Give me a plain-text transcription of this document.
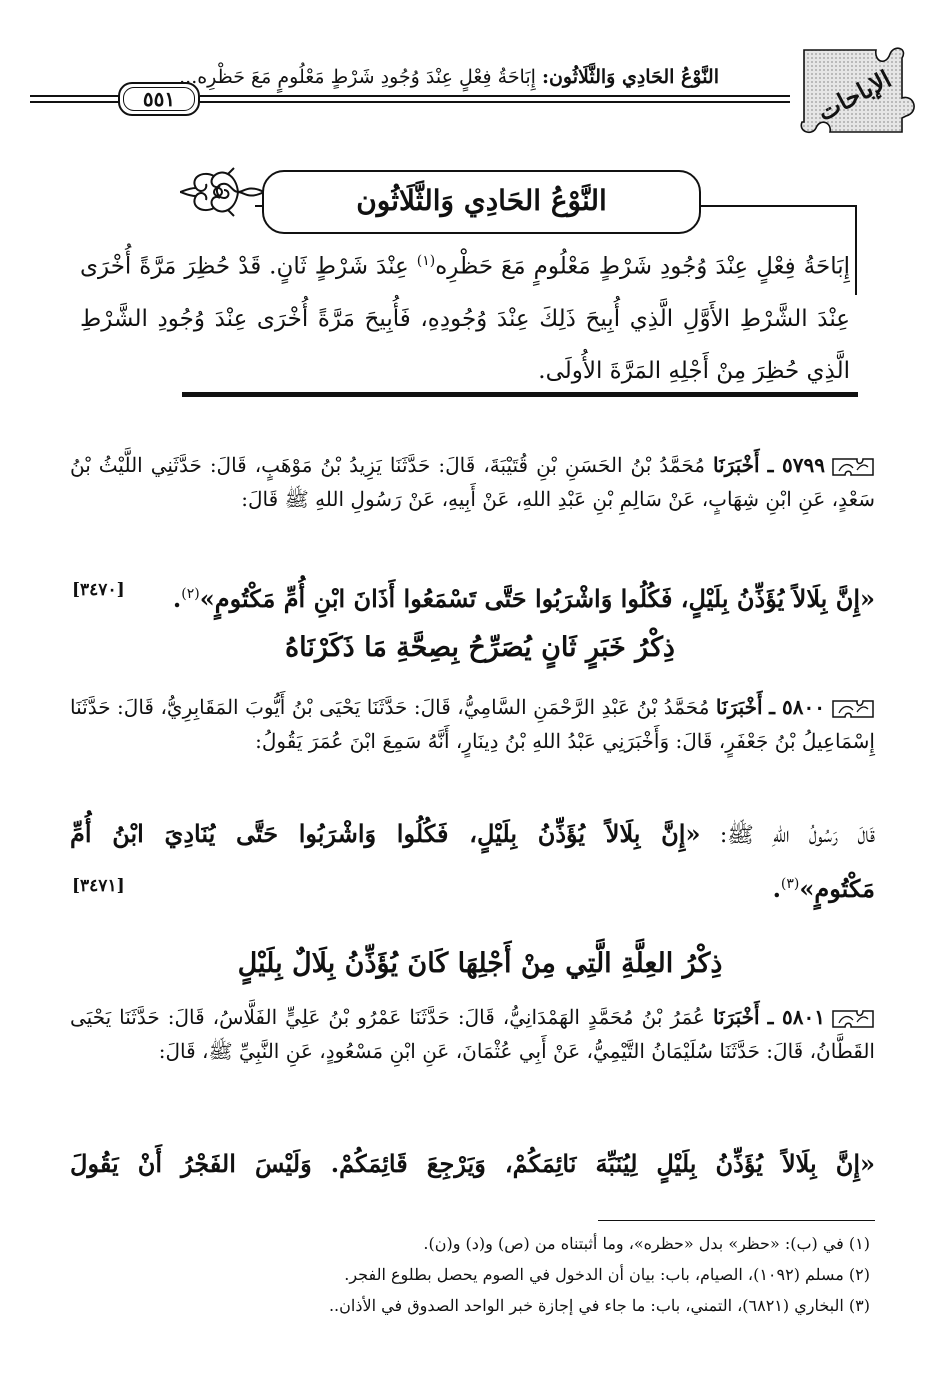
٥٥١
النَّوْعُ الحَادِي وَالثَّلَاثُون: إِبَاحَةُ فِعْلٍ عِنْدَ وُجُودِ شَرْطٍ مَعْلُومٍ مَعَ حَظْرِه...	الإباحات
النَّوْعُ الحَادِي وَالثَّلَاثُون
إِبَاحَةُ فِعْلٍ عِنْدَ وُجُودِ شَرْطٍ مَعْلُومٍ مَعَ حَظْرِه$^{(١)}$ عِنْدَ شَرْطٍ ثَانٍ. قَدْ حُظِرَ مَرَّةً أُخْرَى عِنْدَ الشَّرْطِ الأَوَّلِ الَّذِي أُبِيحَ ذَلِكَ عِنْدَ وُجُودِهِ، فَأُبِيحَ مَرَّةً أُخْرَى عِنْدَ وُجُودِ الشَّرْطِ الَّذِي حُظِرَ مِنْ أَجْلِهِ المَرَّةَ الأُولَى.
٥٧٩٩ ـ أَخْبَرَنَا مُحَمَّدُ بْنُ الحَسَنِ بْنِ قُتَيْبَةَ، قَالَ: حَدَّثَنَا يَزِيدُ بْنُ مَوْهَبٍ، قَالَ: حَدَّثَنِي اللَّيْثُ بْنُ سَعْدٍ، عَنِ ابْنِ شِهَابٍ، عَنْ سَالِمِ بْنِ عَبْدِ اللهِ، عَنْ أَبِيهِ، عَنْ رَسُولِ اللهِ ﷺ قَالَ:
«إِنَّ بِلَالاً يُؤَذِّنُ بِلَيْلٍ، فَكُلُوا وَاشْرَبُوا حَتَّى تَسْمَعُوا أَذَانَ ابْنِ أُمِّ مَكْتُومٍ»$^{(٢)}$.
[٣٤٧٠]
ذِكْرُ خَبَرٍ ثَانٍ يُصَرِّحُ بِصِحَّةِ مَا ذَكَرْنَاهُ
٥٨٠٠ ـ أَخْبَرَنَا مُحَمَّدُ بْنُ عَبْدِ الرَّحْمَنِ السَّامِيُّ، قَالَ: حَدَّثَنَا يَحْيَى بْنُ أَيُّوبَ المَقَابِرِيُّ، قَالَ: حَدَّثَنَا إِسْمَاعِيلُ بْنُ جَعْفَرٍ، قَالَ: وَأَخْبَرَنِي عَبْدُ اللهِ بْنُ دِينَارٍ، أَنَّهُ سَمِعَ ابْنَ عُمَرَ يَقُولُ:
قَالَ رَسُولُ اللهِ ﷺ: «إِنَّ بِلَالاً يُؤَذِّنُ بِلَيْلٍ، فَكُلُوا وَاشْرَبُوا حَتَّى يُنَادِيَ ابْنُ أُمِّ
مَكْتُومٍ»$^{(٣)}$.
[٣٤٧١]
ذِكْرُ العِلَّةِ الَّتِي مِنْ أَجْلِهَا كَانَ يُؤَذِّنُ بِلَالٌ بِلَيْلٍ
٥٨٠١ ـ أَخْبَرَنَا عُمَرُ بْنُ مُحَمَّدٍ الهَمْدَانِيُّ، قَالَ: حَدَّثَنَا عَمْرُو بْنُ عَلِيٍّ الفَلَّاسُ، قَالَ: حَدَّثَنَا يَحْيَى القَطَّانُ، قَالَ: حَدَّثَنَا سُلَيْمَانُ التَّيْمِيُّ، عَنْ أَبِي عُثْمَانَ، عَنِ ابْنِ مَسْعُودٍ، عَنِ النَّبِيِّ ﷺ، قَالَ:
«إِنَّ بِلَالاً يُؤَذِّنُ بِلَيْلٍ لِيُنَبِّهَ نَائِمَكُمْ، وَيَرْجِعَ قَائِمَكُمْ. وَلَيْسَ الفَجْرُ أَنْ يَقُولَ
(١) في (ب): «حظر» بدل «حظره»، وما أثبتناه من (ص) و(د) و(ن).
(٢) مسلم (١٠٩٢)، الصيام، باب: بيان أن الدخول في الصوم يحصل بطلوع الفجر.
(٣) البخاري (٦٨٢١)، التمني، باب: ما جاء في إجازة خبر الواحد الصدوق في الأذان..
